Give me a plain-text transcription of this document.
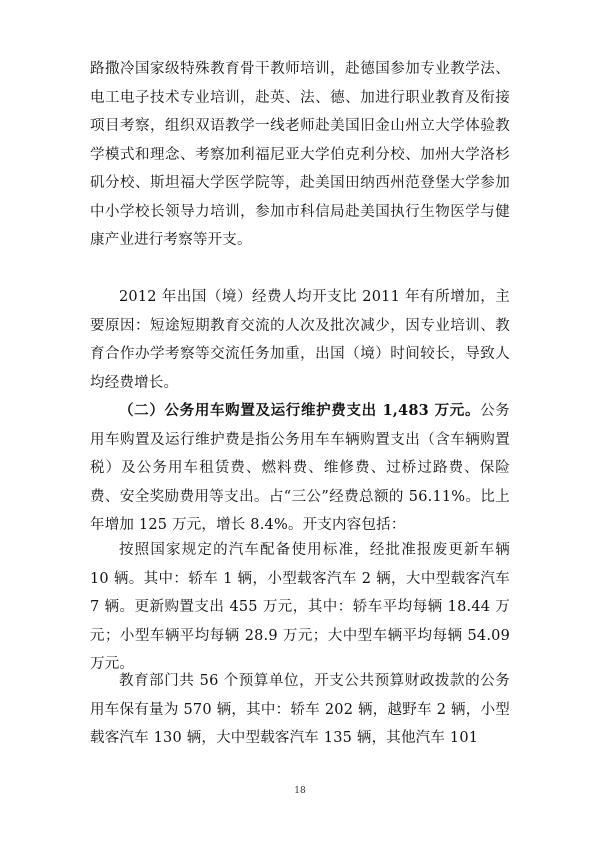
路撒冷国家级特殊教育骨干教师培训，赴德国参加专业教学法、电工电子技术专业培训，赴英、法、德、加进行职业教育及衔接项目考察，组织双语教学一线老师赴美国旧金山州立大学体验教学模式和理念、考察加利福尼亚大学伯克利分校、加州大学洛杉矶分校、斯坦福大学医学院等，赴美国田纳西州范登堡大学参加中小学校长领导力培训，参加市科信局赴美国执行生物医学与健康产业进行考察等开支。

2012 年出国（境）经费人均开支比 2011 年有所增加，主要原因：短途短期教育交流的人次及批次减少，因专业培训、教育合作办学考察等交流任务加重，出国（境）时间较长，导致人均经费增长。

（二）公务用车购置及运行维护费支出 1,483 万元。公务用车购置及运行维护费是指公务用车车辆购置支出（含车辆购置税）及公务用车租赁费、燃料费、维修费、过桥过路费、保险费、安全奖励费用等支出。占“三公”经费总额的 56.11%。比上年增加 125 万元，增长 8.4%。开支内容包括：

按照国家规定的汽车配备使用标准，经批准报废更新车辆 10 辆。其中：轿车 1 辆，小型载客汽车 2 辆，大中型载客汽车 7 辆。更新购置支出 455 万元，其中：轿车平均每辆 18.44 万元；小型车辆平均每辆 28.9 万元；大中型车辆平均每辆 54.09 万元。

教育部门共 56 个预算单位，开支公共预算财政拨款的公务用车保有量为 570 辆，其中：轿车 202 辆，越野车 2 辆，小型载客汽车 130 辆，大中型载客汽车 135 辆，其他汽车 101

18
